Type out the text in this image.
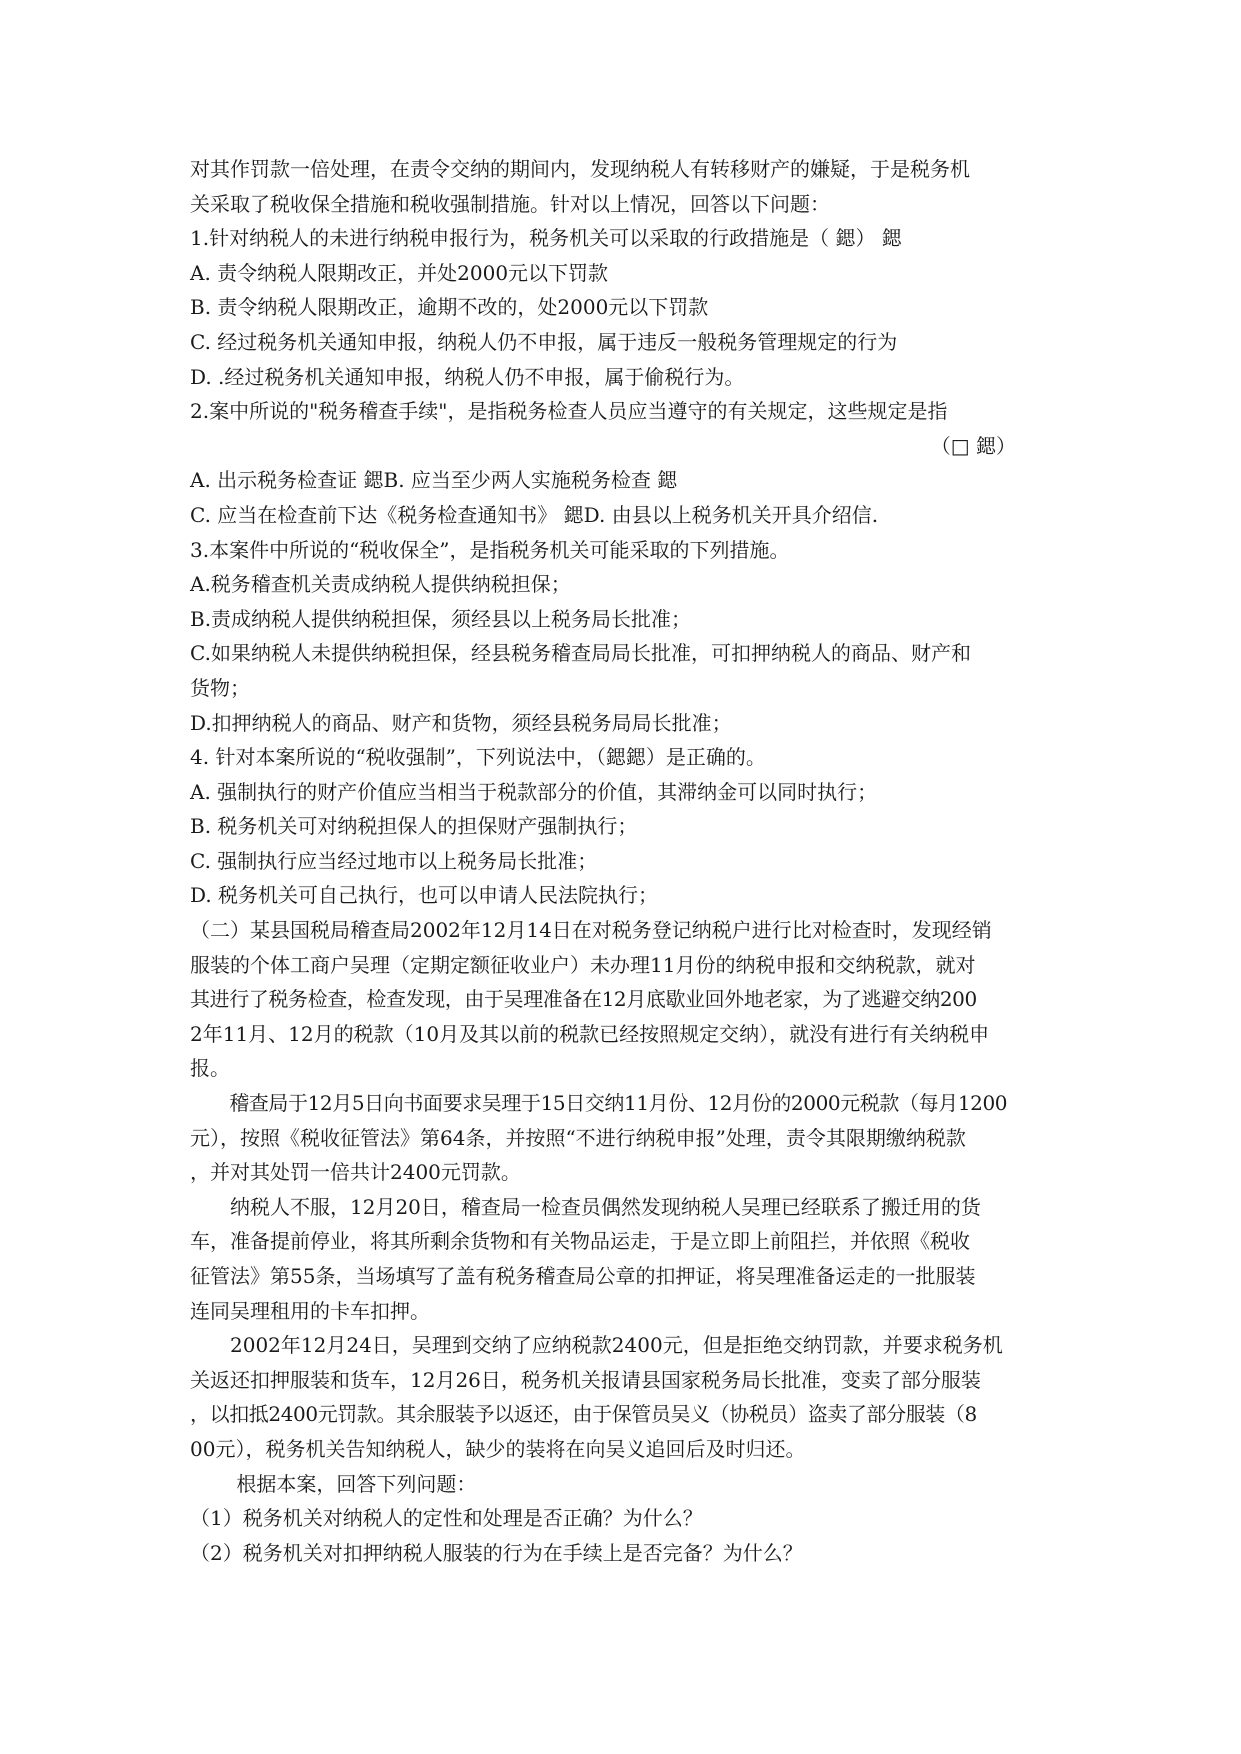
对其作罚款一倍处理，在责令交纳的期间内，发现纳税人有转移财产的嫌疑，于是税务机
关采取了税收保全措施和税收强制措施。针对以上情况，回答以下问题：
1.针对纳税人的未进行纳税申报行为，税务机关可以采取的行政措施是（ 鍶） 鍶
A. 责令纳税人限期改正，并处2000元以下罚款
B. 责令纳税人限期改正，逾期不改的，处2000元以下罚款
C. 经过税务机关通知申报，纳税人仍不申报，属于违反一般税务管理规定的行为
D. .经过税务机关通知申报，纳税人仍不申报，属于偷税行为。
2.案中所说的"税务稽查手续"，是指税务检查人员应当遵守的有关规定，这些规定是指
（□ 鍶）
A. 出示税务检查证 鍶B. 应当至少两人实施税务检查 鍶
C. 应当在检查前下达《税务检查通知书》 鍶D. 由县以上税务机关开具介绍信.
3.本案件中所说的“税收保全”，是指税务机关可能采取的下列措施。
A.税务稽查机关责成纳税人提供纳税担保；
B.责成纳税人提供纳税担保，须经县以上税务局长批准；
C.如果纳税人未提供纳税担保，经县税务稽查局局长批准，可扣押纳税人的商品、财产和
货物；
D.扣押纳税人的商品、财产和货物，须经县税务局局长批准；
4. 针对本案所说的“税收强制”，下列说法中，（鍶鍶）是正确的。
A. 强制执行的财产价值应当相当于税款部分的价值，其滞纳金可以同时执行；
B. 税务机关可对纳税担保人的担保财产强制执行；
C. 强制执行应当经过地市以上税务局长批准；
D. 税务机关可自己执行，也可以申请人民法院执行；
（二）某县国税局稽查局2002年12月14日在对税务登记纳税户进行比对检查时，发现经销
服装的个体工商户吴理（定期定额征收业户）未办理11月份的纳税申报和交纳税款，就对
其进行了税务检查，检查发现，由于吴理准备在12月底歇业回外地老家，为了逃避交纳200
2年11月、12月的税款（10月及其以前的税款已经按照规定交纳），就没有进行有关纳税申
报。
　　稽查局于12月5日向书面要求吴理于15日交纳11月份、12月份的2000元税款（每月1200
元），按照《税收征管法》第64条，并按照“不进行纳税申报”处理，责令其限期缴纳税款
，并对其处罚一倍共计2400元罚款。
　　纳税人不服，12月20日，稽查局一检查员偶然发现纳税人吴理已经联系了搬迁用的货
车，准备提前停业，将其所剩余货物和有关物品运走，于是立即上前阻拦，并依照《税收
征管法》第55条，当场填写了盖有税务稽查局公章的扣押证，将吴理准备运走的一批服装
连同吴理租用的卡车扣押。
　　2002年12月24日，吴理到交纳了应纳税款2400元，但是拒绝交纳罚款，并要求税务机
关返还扣押服装和货车，12月26日，税务机关报请县国家税务局长批准，变卖了部分服装
，以扣抵2400元罚款。其余服装予以返还，由于保管员吴义（协税员）盗卖了部分服装（8
00元），税务机关告知纳税人，缺少的装将在向吴义追回后及时归还。
　　 根据本案，回答下列问题：
（1）税务机关对纳税人的定性和处理是否正确？为什么？
（2）税务机关对扣押纳税人服装的行为在手续上是否完备？为什么？
